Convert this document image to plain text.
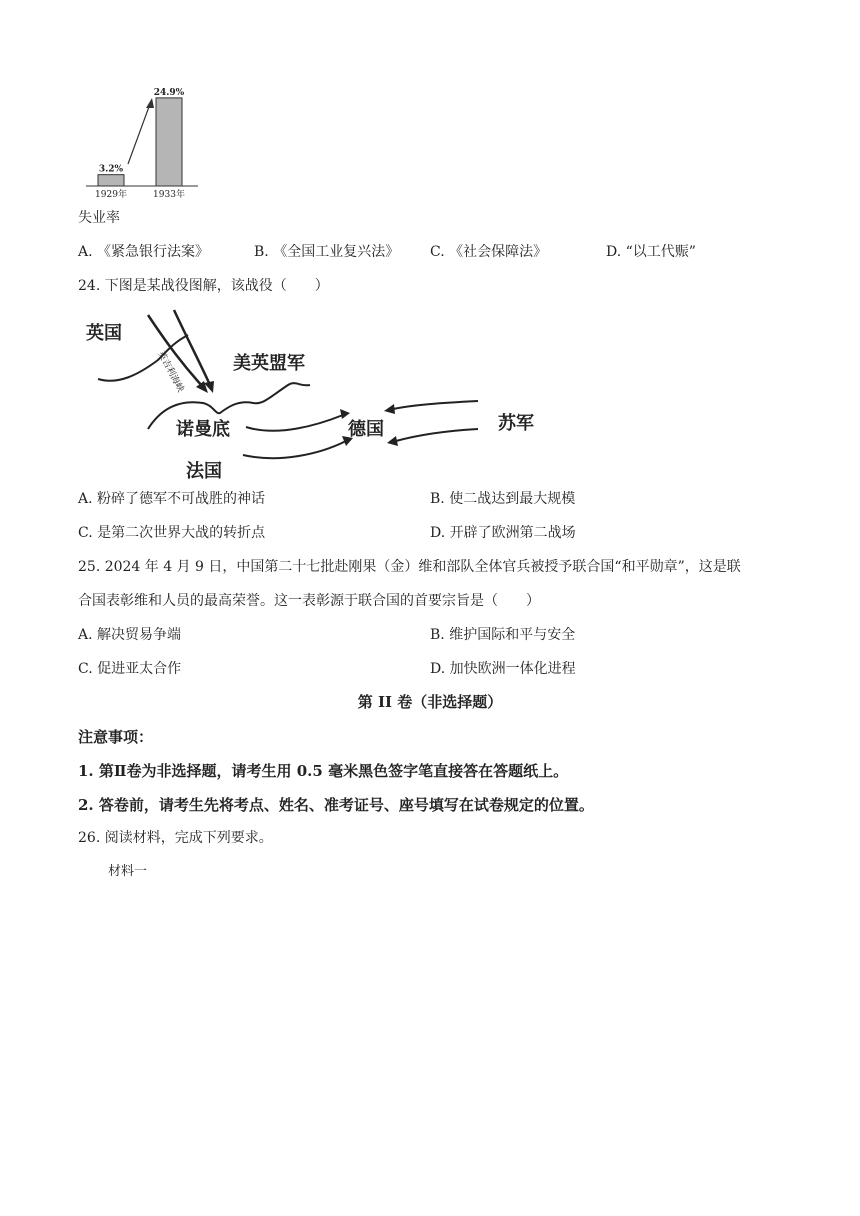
3.2%
1929年
24.9%
1933年
失业率
A. 《紧急银行法案》	B. 《全国工业复兴法》 C. 《社会保障法》	D. “以工代赈”
24. 下图是某战役图解，该战役（　　）
英国
美英盟军
英吉利海峡
诺曼底	德国	苏军
法国
A. 粉碎了德军不可战胜的神话	B. 使二战达到最大规模
C. 是第二次世界大战的转折点	D. 开辟了欧洲第二战场
25. 2024 年 4 月 9 日，中国第二十七批赴刚果（金）维和部队全体官兵被授予联合国“和平勋章”，这是联
合国表彰维和人员的最高荣誉。这一表彰源于联合国的首要宗旨是（　　）
A. 解决贸易争端	B. 维护国际和平与安全
C. 促进亚太合作	D. 加快欧洲一体化进程
第 II 卷（非选择题）
注意事项：
1. 第Ⅱ卷为非选择题，请考生用 0.5 毫米黑色签字笔直接答在答题纸上。
2. 答卷前，请考生先将考点、姓名、准考证号、座号填写在试卷规定的位置。
26. 阅读材料，完成下列要求。
材料一
